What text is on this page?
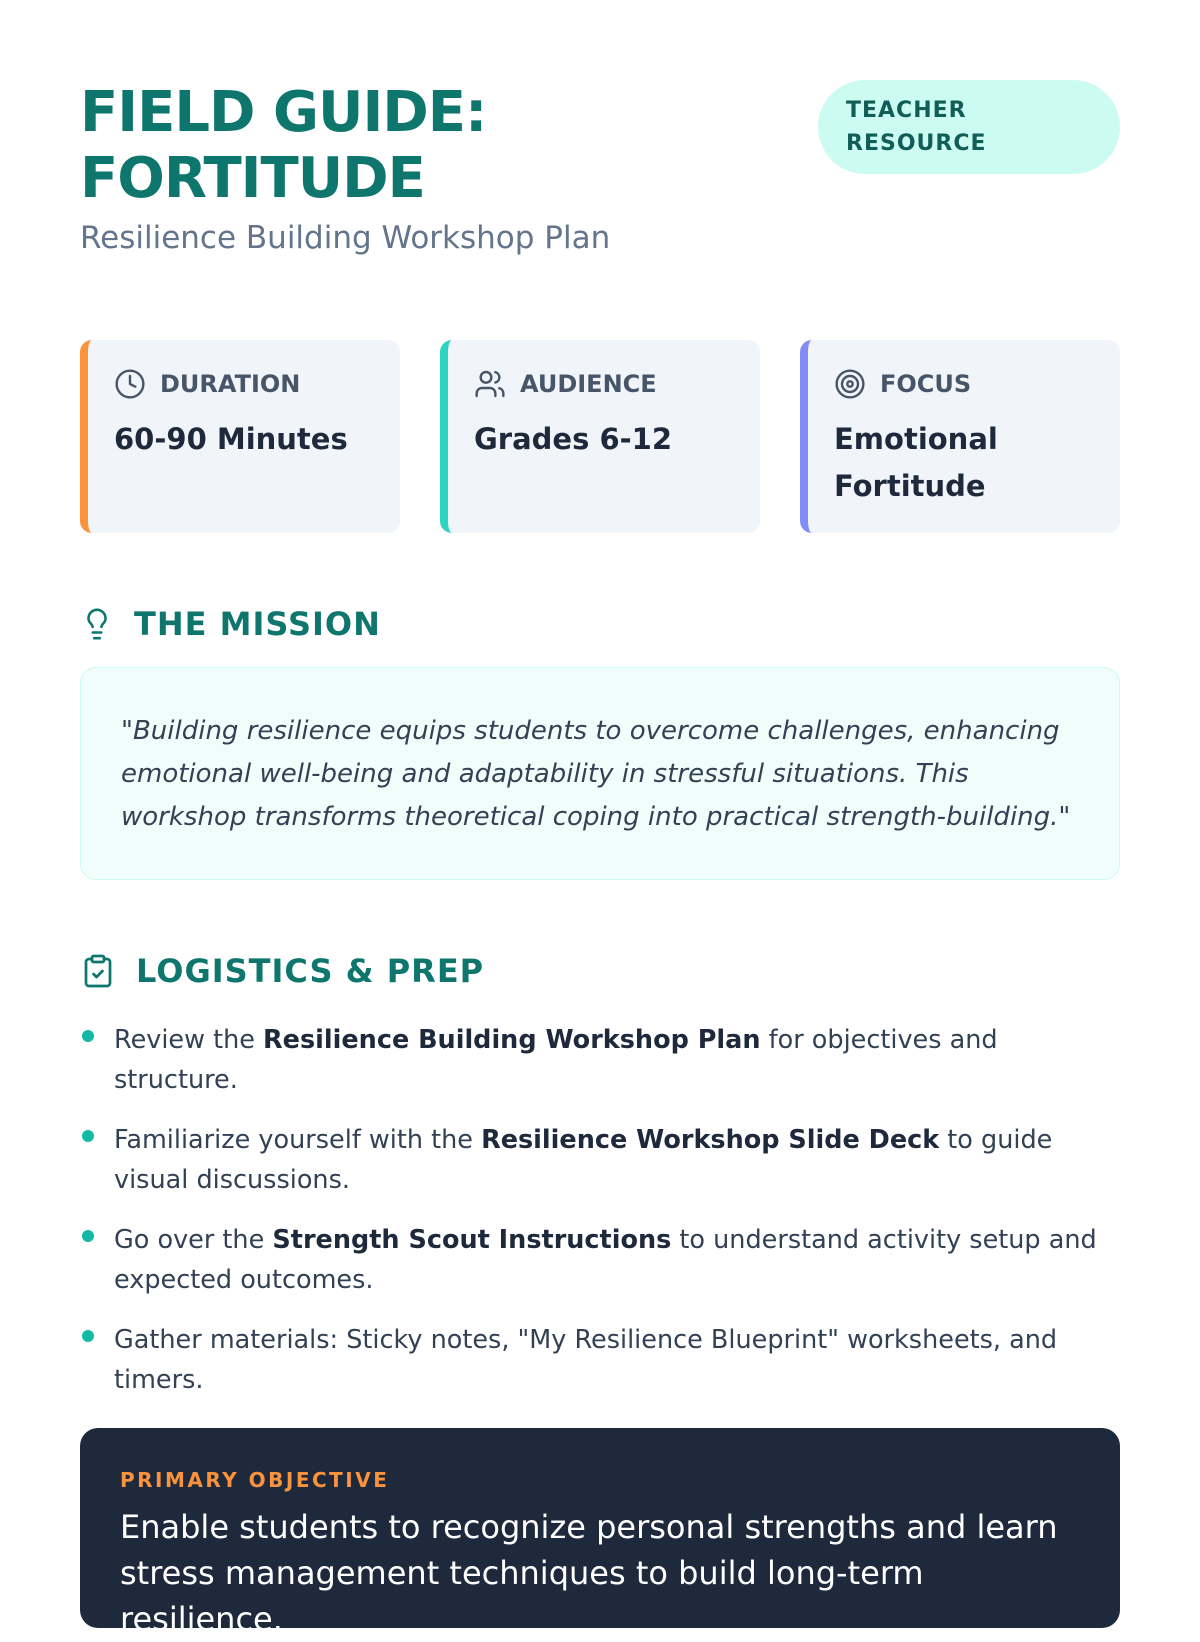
FIELD GUIDE:
FORTITUDE
Resilience Building Workshop Plan
TEACHER
RESOURCE
DURATION
60-90 Minutes
AUDIENCE
Grades 6-12
FOCUS
Emotional
Fortitude
THE MISSION
"Building resilience equips students to overcome challenges, enhancing emotional well-being and adaptability in stressful situations. This workshop transforms theoretical coping into practical strength-building."
LOGISTICS & PREP
Review the Resilience Building Workshop Plan for objectives and structure.
Familiarize yourself with the Resilience Workshop Slide Deck to guide visual discussions.
Go over the Strength Scout Instructions to understand activity setup and expected outcomes.
Gather materials: Sticky notes, "My Resilience Blueprint" worksheets, and timers.
PRIMARY OBJECTIVE
Enable students to recognize personal strengths and learn stress management techniques to build long-term resilience.
